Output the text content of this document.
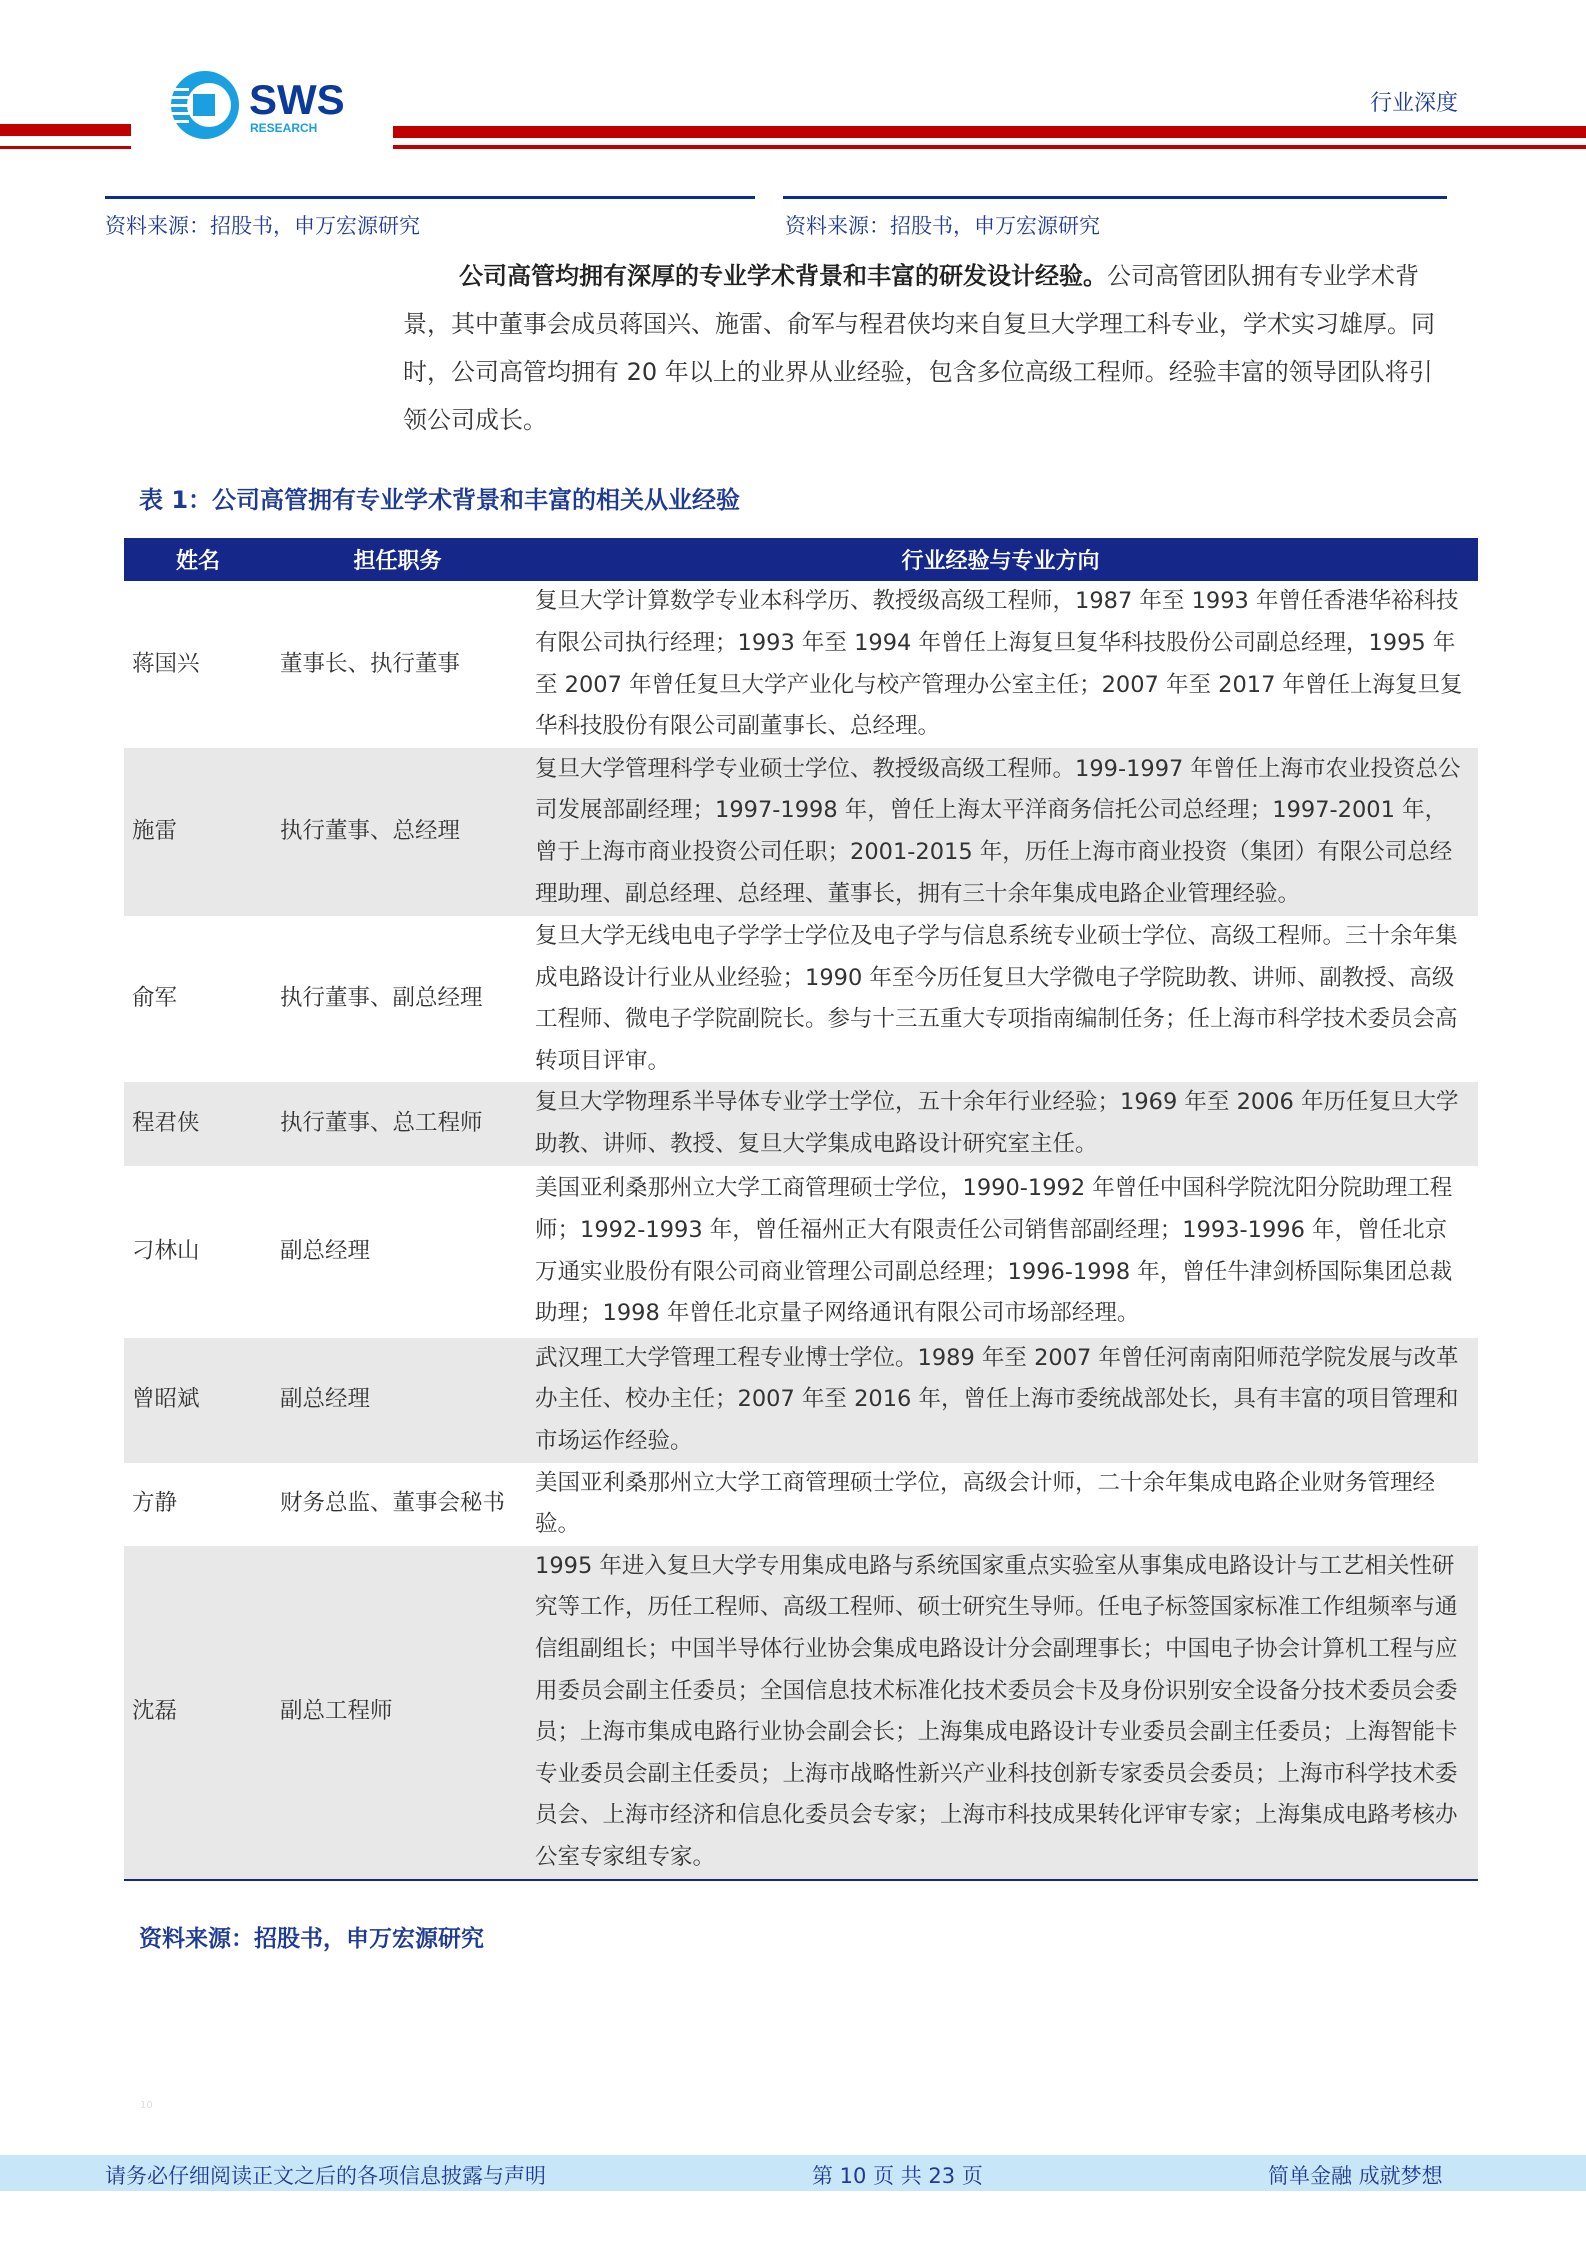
SWS
RESEARCH
行业深度
资料来源：招股书，申万宏源研究	资料来源：招股书，申万宏源研究
公司高管均拥有深厚的专业学术背景和丰富的研发设计经验。公司高管团队拥有专业学术背景，其中董事会成员蒋国兴、施雷、俞军与程君侠均来自复旦大学理工科专业，学术实习雄厚。同时，公司高管均拥有 20 年以上的业界从业经验，包含多位高级工程师。经验丰富的领导团队将引领公司成长。
表 1：公司高管拥有专业学术背景和丰富的相关从业经验
姓名	担任职务	行业经验与专业方向
蒋国兴	董事长、执行董事	复旦大学计算数学专业本科学历、教授级高级工程师，1987 年至 1993 年曾任香港华裕科技有限公司执行经理；1993 年至 1994 年曾任上海复旦复华科技股份公司副总经理，1995 年至 2007 年曾任复旦大学产业化与校产管理办公室主任；2007 年至 2017 年曾任上海复旦复华科技股份有限公司副董事长、总经理。
施雷	执行董事、总经理	复旦大学管理科学专业硕士学位、教授级高级工程师。199-1997 年曾任上海市农业投资总公司发展部副经理；1997-1998 年，曾任上海太平洋商务信托公司总经理；1997-2001 年，曾于上海市商业投资公司任职；2001-2015 年，历任上海市商业投资（集团）有限公司总经理助理、副总经理、总经理、董事长，拥有三十余年集成电路企业管理经验。
俞军	执行董事、副总经理	复旦大学无线电电子学学士学位及电子学与信息系统专业硕士学位、高级工程师。三十余年集成电路设计行业从业经验；1990 年至今历任复旦大学微电子学院助教、讲师、副教授、高级工程师、微电子学院副院长。参与十三五重大专项指南编制任务；任上海市科学技术委员会高转项目评审。
程君侠	执行董事、总工程师	复旦大学物理系半导体专业学士学位，五十余年行业经验；1969 年至 2006 年历任复旦大学助教、讲师、教授、复旦大学集成电路设计研究室主任。
刁林山	副总经理	美国亚利桑那州立大学工商管理硕士学位，1990-1992 年曾任中国科学院沈阳分院助理工程师；1992-1993 年，曾任福州正大有限责任公司销售部副经理；1993-1996 年，曾任北京万通实业股份有限公司商业管理公司副总经理；1996-1998 年，曾任牛津剑桥国际集团总裁助理；1998 年曾任北京量子网络通讯有限公司市场部经理。
曾昭斌	副总经理	武汉理工大学管理工程专业博士学位。1989 年至 2007 年曾任河南南阳师范学院发展与改革办主任、校办主任；2007 年至 2016 年，曾任上海市委统战部处长，具有丰富的项目管理和市场运作经验。
方静	财务总监、董事会秘书	美国亚利桑那州立大学工商管理硕士学位，高级会计师，二十余年集成电路企业财务管理经验。
沈磊	副总工程师	1995 年进入复旦大学专用集成电路与系统国家重点实验室从事集成电路设计与工艺相关性研究等工作，历任工程师、高级工程师、硕士研究生导师。任电子标签国家标准工作组频率与通信组副组长；中国半导体行业协会集成电路设计分会副理事长；中国电子协会计算机工程与应用委员会副主任委员；全国信息技术标准化技术委员会卡及身份识别安全设备分技术委员会委员；上海市集成电路行业协会副会长；上海集成电路设计专业委员会副主任委员；上海智能卡专业委员会副主任委员；上海市战略性新兴产业科技创新专家委员会委员；上海市科学技术委员会、上海市经济和信息化委员会专家；上海市科技成果转化评审专家；上海集成电路考核办公室专家组专家。
资料来源：招股书，申万宏源研究
10
请务必仔细阅读正文之后的各项信息披露与声明	第 10 页 共 23 页	简单金融 成就梦想
